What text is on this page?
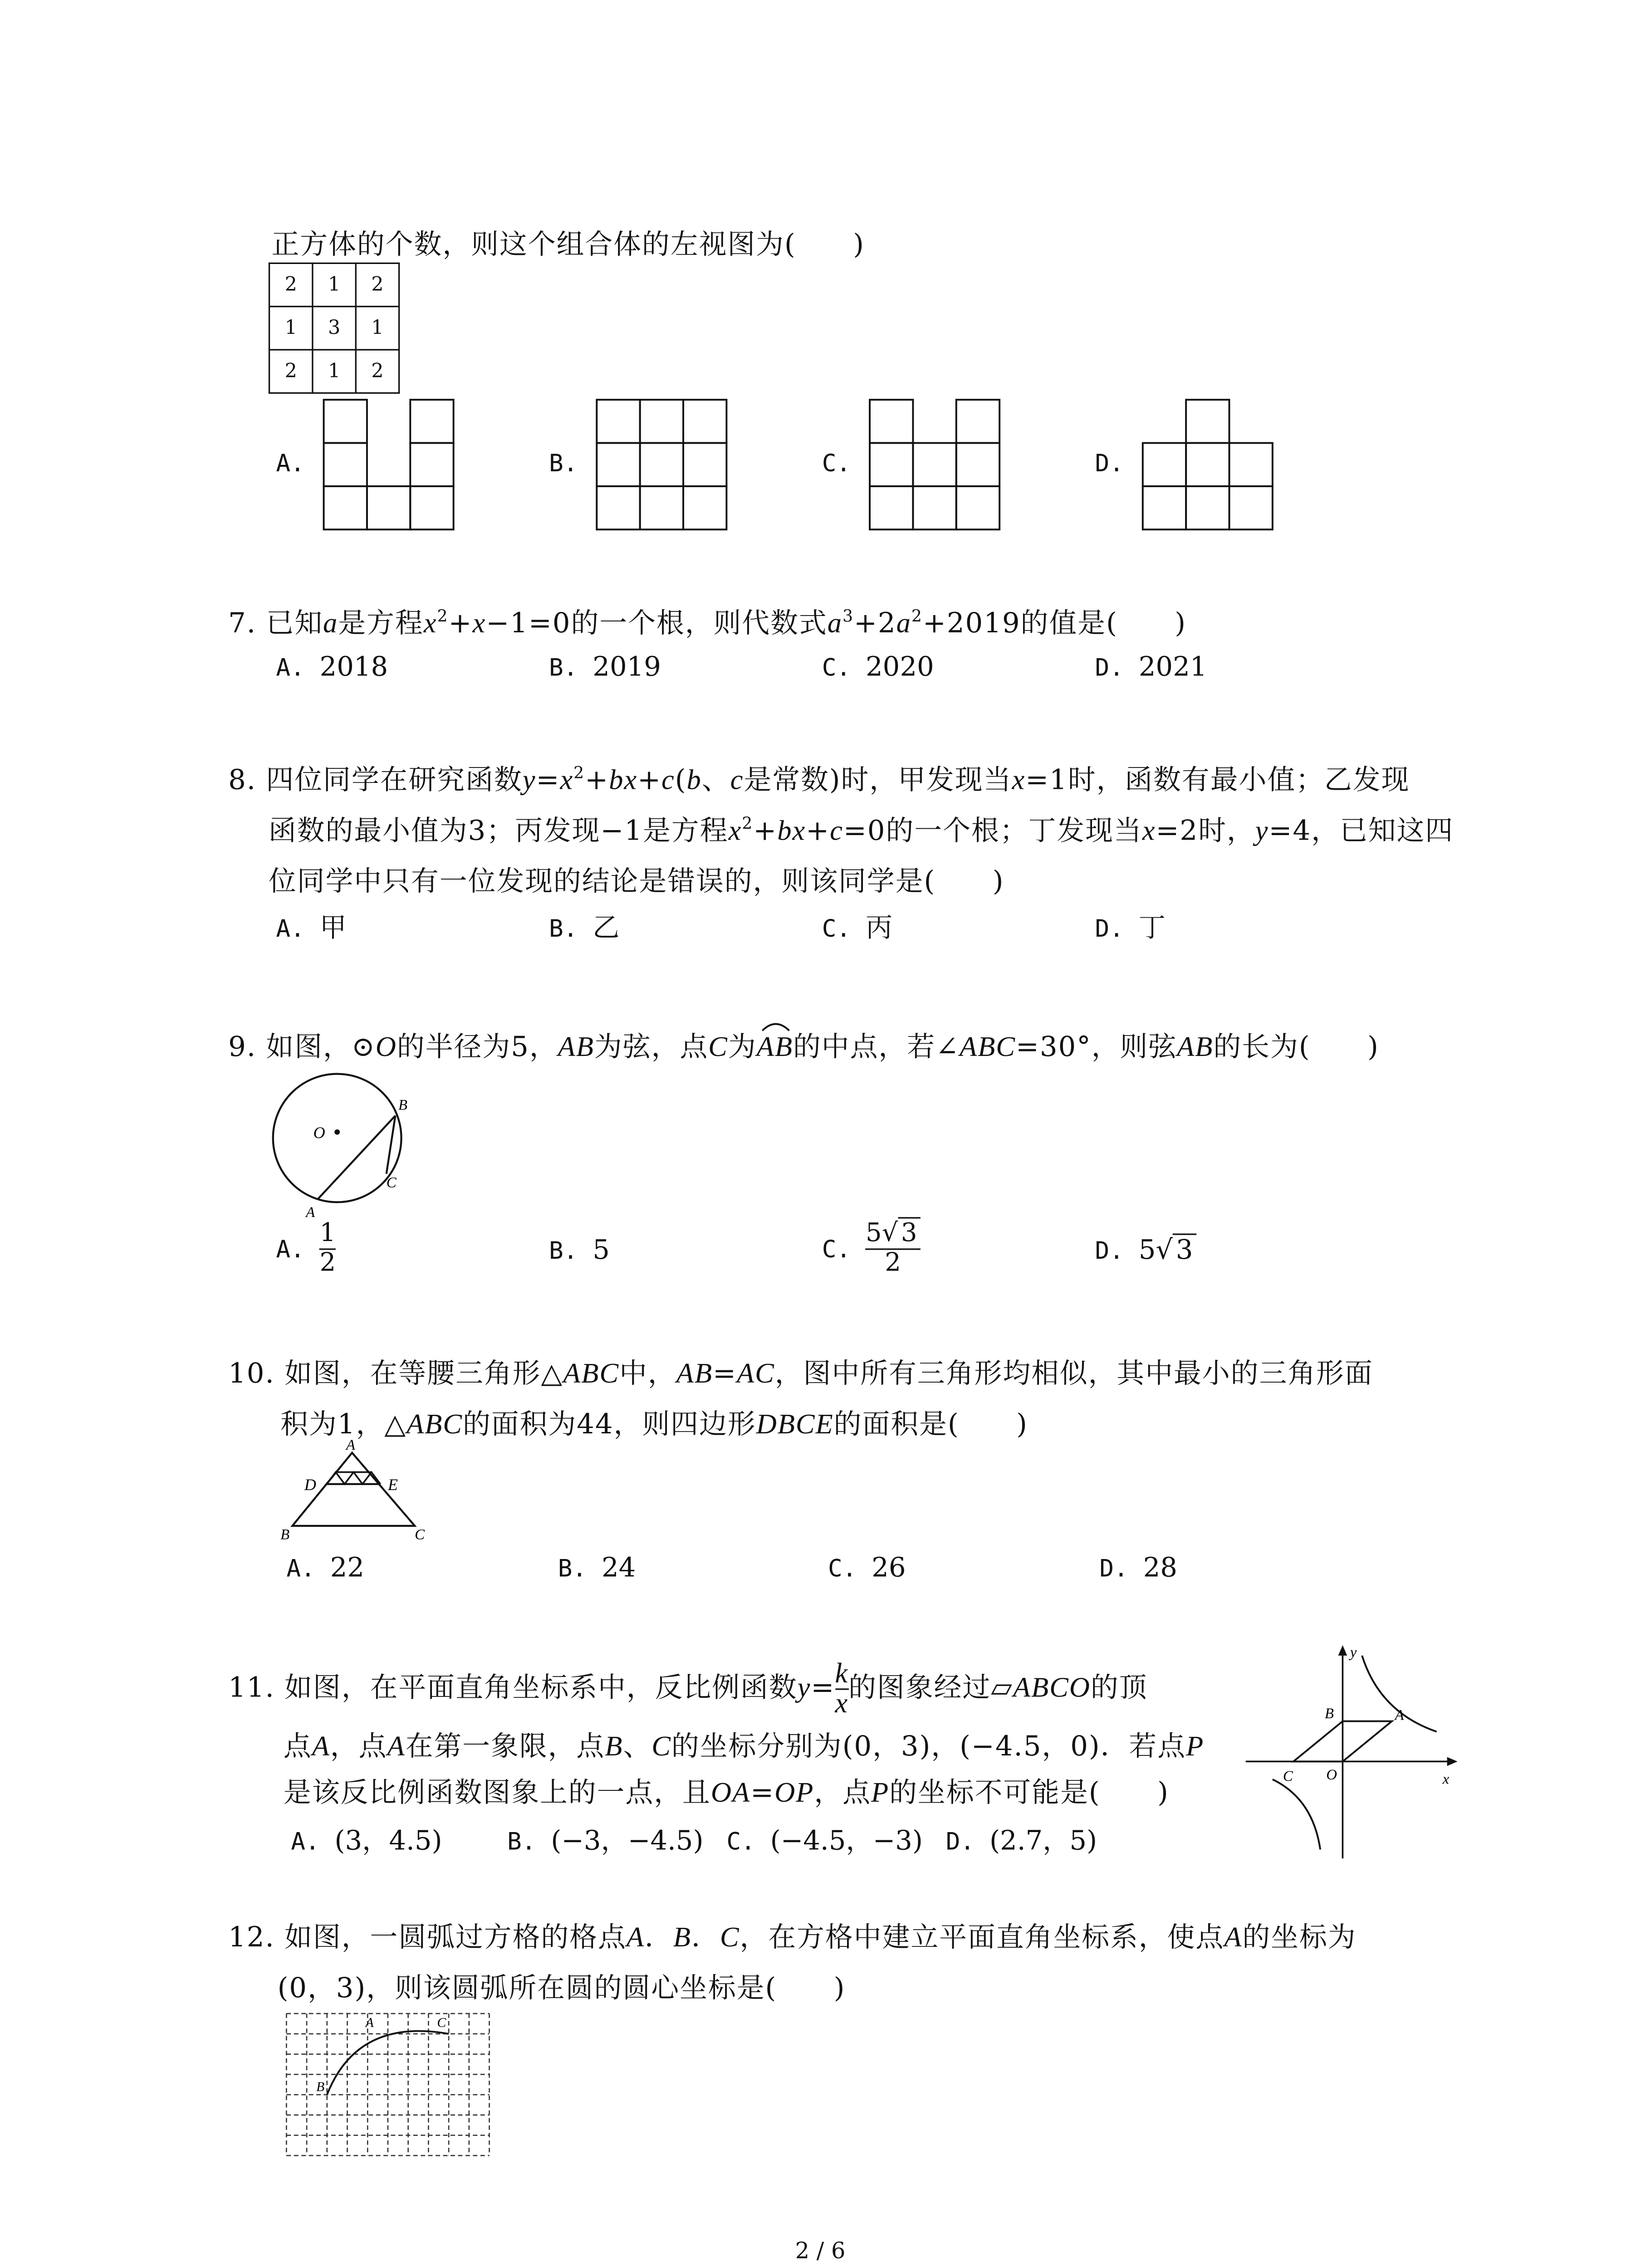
正方体的个数，则这个组合体的左视图为(　　)
2	1	2
1	3	1
2	1	2
A.	B.	C.	D.
7. 已知a是方程$x^2+x-1=0$的一个根，则代数式$a^3+2a^2+2019$的值是(　　)
A. 2018	B. 2019	C. 2020	D. 2021
8. 四位同学在研究函数$y=x^2+bx+c(b$、c是常数)时，甲发现当x=1时，函数有最小值；乙发现
函数的最小值为3；丙发现−1是方程$x^2+bx+c=0$的一个根；丁发现当x=2时，y=4，已知这四
位同学中只有一位发现的结论是错误的，则该同学是(　　)
A. 甲	B. 乙	C. 丙	D. 丁
9. 如图，⊙O的半径为5，AB为弦，点C为AB
的中点，若∠ABC=30°，则弦AB的长为(　　)
O
A
B
C
A. $\frac{1}{2}$	B. 5	C. $\frac{5√ 3}{2}$	D. 5√ 3
10. 如图，在等腰三角形△ABC中，AB=AC，图中所有三角形均相似，其中最小的三角形面
积为1，△ABC的面积为44，则四边形DBCE的面积是(　　)
A
D	E
B	C
A. 22	B. 24	C. 26	D. 28
11. 如图，在平面直角坐标系中，反比例函数$y= \frac{k}{x}$ 的图象经过▱ABCO的顶
点A，点A在第一象限，点B、C的坐标分别为(0，3)，(−4.5，0)．若点P
是该反比例函数图象上的一点，且OA=OP，点P的坐标不可能是(　　)
A. (3，4.5)	B. (−3，−4.5)	C. (−4.5，−3)	D. (2.7，5)
y
x
A
B
C	O
12. 如图，一圆弧过方格的格点A．B．C，在方格中建立平面直角坐标系，使点A的坐标为
(0，3)，则该圆弧所在圆的圆心坐标是(　　)
A	C
B
2 / 6
